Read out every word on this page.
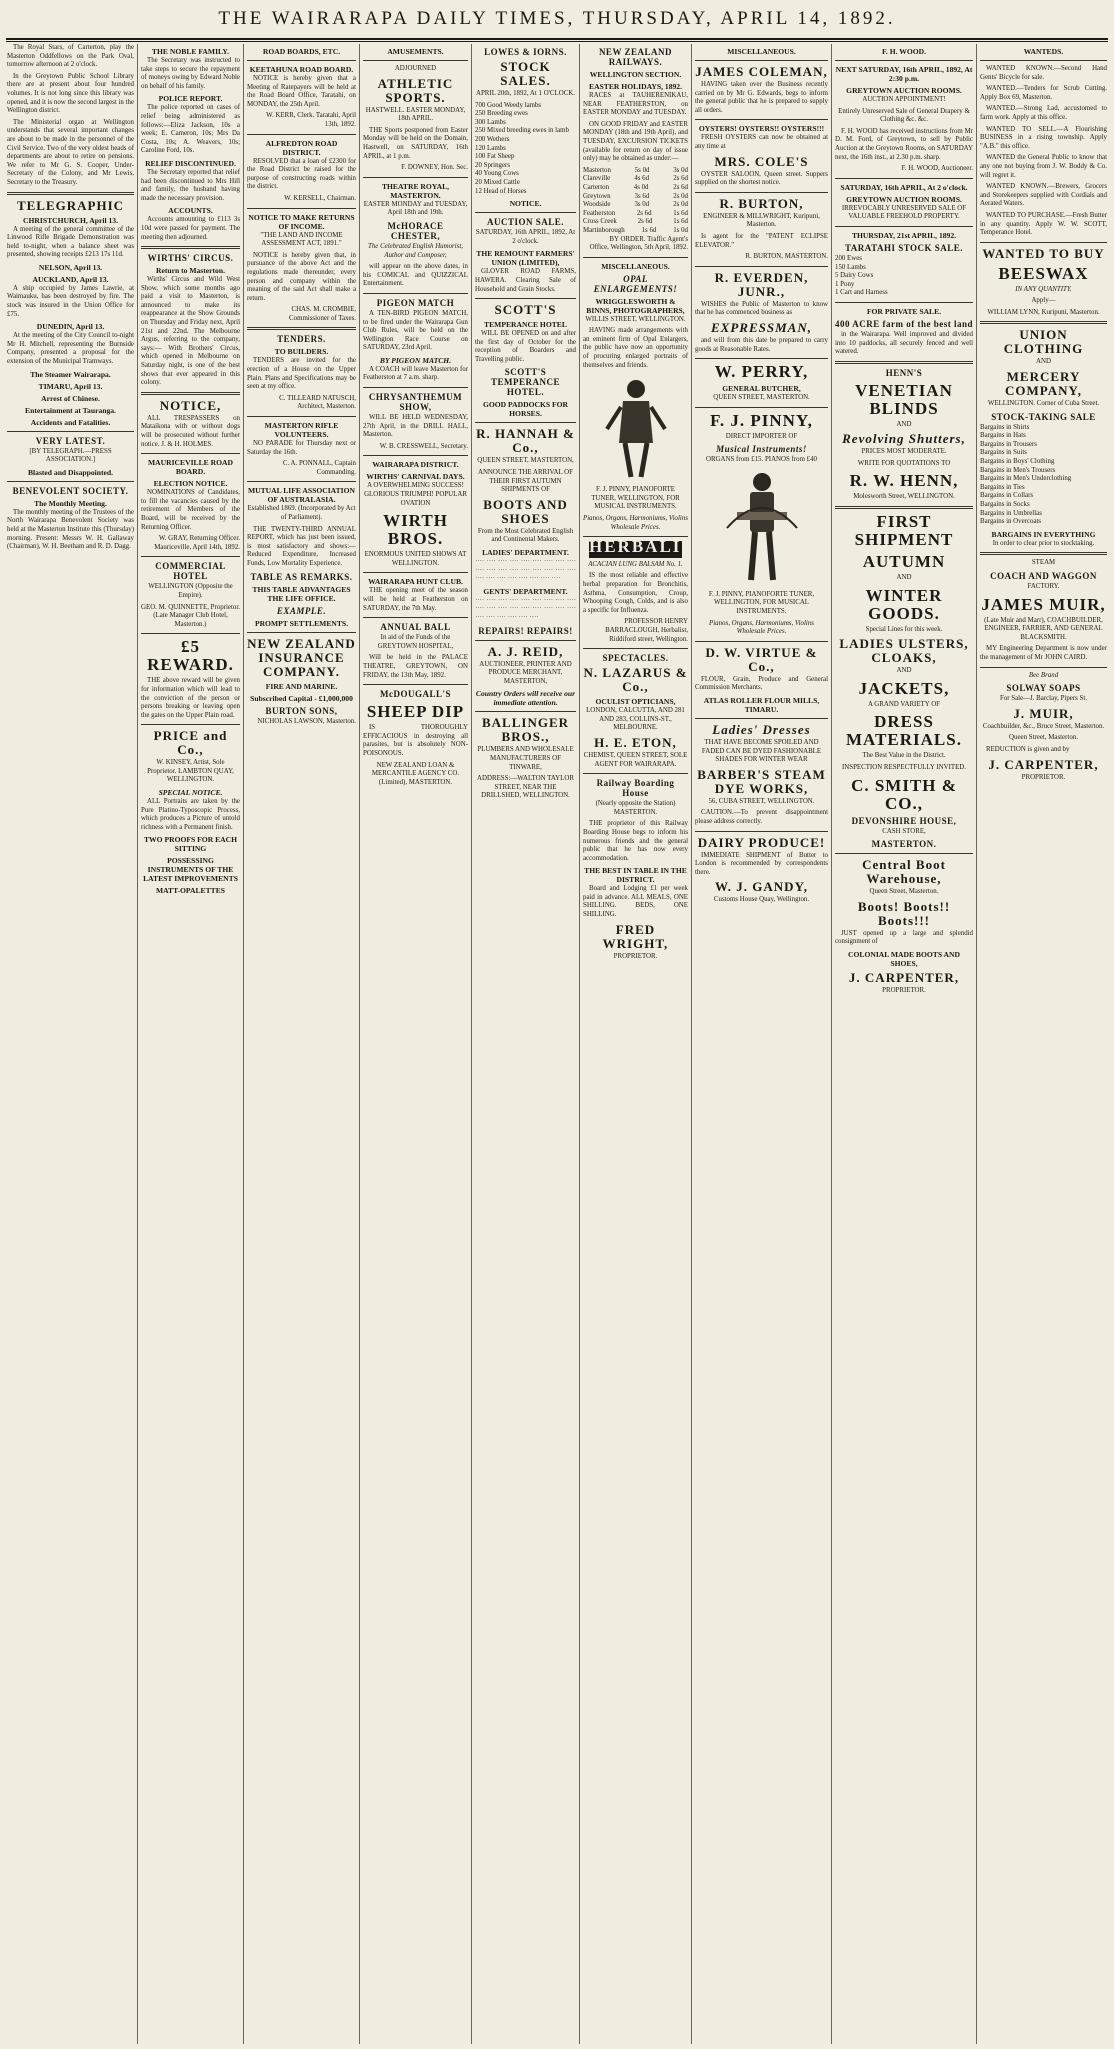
THE WAIRARAPA DAILY TIMES, THURSDAY, APRIL 14, 1892.

The Royal Stars, of Carterton, play the Masterton Oddfellows on the Park Oval, tomorrow afternoon at 2 o'clock.

In the Greytown Public School Library there are at present about four hundred volumes. It is not long since this library was opened, and it is now the second largest in the Wellington district.

The Ministerial organ at Wellington understands that several important changes are about to be made in the personnel of the Civil Service. Two of the very oldest heads of departments are about to retire on pensions. We refer to Mr G. S. Cooper, Under-Secretary of the Colony, and Mr Lewis, Secretary to the Treasury.

TELEGRAPHIC
CHRISTCHURCH, April 13.

A meeting of the general committee of the Linwood Rifle Brigade Demonstration was held to-night, when a balance sheet was presented, showing receipts £213 17s 11d.

NELSON, April 13.
AUCKLAND, April 13.

A ship occupied by James Lawrie, at Waimauku, has been destroyed by fire. The stock was insured in the Union Office for £75.

DUNEDIN, April 13.

At the meeting of the City Council to-night Mr H. Mitchell, representing the Burnside Company, presented a proposal for the extension of the Municipal Tramways.

The Steamer Wairarapa.
TIMARU, April 13.
Arrest of Chinese.
Entertainment at Tauranga.
Accidents and Fatalities.
VERY LATEST.

[BY TELEGRAPH.—PRESS ASSOCIATION.]

Blasted and Disappointed.
BENEVOLENT SOCIETY.
The Monthly Meeting.

The monthly meeting of the Trustees of the North Wairarapa Benevolent Society was held at the Masterton Institute this (Thursday) morning. Present: Messrs W. H. Gallaway (Chairman), W. H. Beetham and R. D. Dagg.

THE NOBLE FAMILY.

The Secretary was instructed to take steps to secure the repayment of moneys owing by Edward Noble on behalf of his family.

POLICE REPORT.

The police reported on cases of relief being administered as follows:—Eliza Jackson, 10s a week; E. Cameron, 10s; Mrs Da Costa, 10s; A. Weavers, 10s; Caroline Ford, 10s.

RELIEF DISCONTINUED.

The Secretary reported that relief had been discontinued to Mrs Hill and family, the husband having made the necessary provision.

ACCOUNTS.

Accounts amounting to £113 3s 10d were passed for payment. The meeting then adjourned.

WIRTHS' CIRCUS.
Return to Masterton.

Wirths' Circus and Wild West Show, which some months ago paid a visit to Masterton, is announced to make its reappearance at the Show Grounds on Thursday and Friday next, April 21st and 22nd. The Melbourne Argus, referring to the company, says:— With Brothers' Circus, which opened in Melbourne on Saturday night, is one of the best shows that ever appeared in this colony.

NOTICE,

ALL TRESPASSERS on Mataikona with or without dogs will be prosecuted without further notice. J. & H. HOLMES.

MAURICEVILLE ROAD BOARD.
ELECTION NOTICE.

NOMINATIONS of Candidates, to fill the vacancies caused by the retirement of Members of the Board, will be received by the Returning Officer.

W. GRAY, Returning Officer. Mauriceville, April 14th, 1892.

COMMERCIAL HOTEL

WELLINGTON (Opposite the Empire).

GEO. M. QUINNETTE, Proprietor. (Late Manager Club Hotel, Masterton.)

£5 REWARD.

THE above reward will be given for information which will lead to the conviction of the person or persons breaking or leaving open the gates on the Upper Plain road.

PRICE and Co.,

W. KINSEY, Artist, Sole Proprietor. LAMBTON QUAY, WELLINGTON.

SPECIAL NOTICE.

ALL Portraits are taken by the Pure Platino-Typoscopic Process, which produces a Picture of untold richness with a Permanent finish.

TWO PROOFS FOR EACH SITTING
POSSESSING INSTRUMENTS OF THE LATEST IMPROVEMENTS
MATT-OPALETTES
ROAD BOARDS, ETC.
KEETAHUNA ROAD BOARD.

NOTICE is hereby given that a Meeting of Ratepayers will be held at the Road Board Office, Taratahi, on MONDAY, the 25th April.

W. KERR, Clerk. Taratahi, April 13th, 1892.

ALFREDTON ROAD DISTRICT.

RESOLVED that a loan of £2300 for the Road District be raised for the purpose of constructing roads within the district.

W. KERSELL, Chairman.

NOTICE TO MAKE RETURNS OF INCOME.

"THE LAND AND INCOME ASSESSMENT ACT, 1891."

NOTICE is hereby given that, in pursuance of the above Act and the regulations made thereunder, every person and company within the meaning of the said Act shall make a return.

CHAS. M. CROMBIE, Commissioner of Taxes.

TENDERS.
TO BUILDERS.

TENDERS are invited for the erection of a House on the Upper Plain. Plans and Specifications may be seen at my office.

C. TILLEARD NATUSCH, Architect, Masterton.

MASTERTON RIFLE VOLUNTEERS.

NO PARADE for Thursday next or Saturday the 16th.

C. A. PONNALL, Captain Commanding.

MUTUAL LIFE ASSOCIATION OF AUSTRALASIA.

Established 1869. (Incorporated by Act of Parliament).

THE TWENTY-THIRD ANNUAL REPORT, which has just been issued, is most satisfactory and shows:— Reduced Expenditure, Increased Funds, Low Mortality Experience.

TABLE AS REMARKS.
THIS TABLE ADVANTAGES THE LIFE OFFICE.
EXAMPLE.
PROMPT SETTLEMENTS.
NEW ZEALAND INSURANCE COMPANY.
FIRE AND MARINE.
Subscribed Capital - £1,000,000
BURTON SONS,

NICHOLAS LAWSON, Masterton.

AMUSEMENTS.

ADJOURNED

ATHLETIC SPORTS.

HASTWELL. EASTER MONDAY, 18th APRIL.

THE Sports postponed from Easter Monday will be held on the Domain, Hastwell, on SATURDAY, 16th APRIL, at 1 p.m.

F. DOWNEY, Hon. Sec.

THEATRE ROYAL, MASTERTON.

EASTER MONDAY and TUESDAY, April 18th and 19th.

McHORACE CHESTER,

The Celebrated English Humorist, Author and Composer,

will appear on the above dates, in his COMICAL and QUIZZICAL Entertainment.

PIGEON MATCH

A TEN-BIRD PIGEON MATCH, to be fired under the Wairarapa Gun Club Rules, will be held on the Wellington Race Course on SATURDAY, 23rd April.

BY PIGEON MATCH.

A COACH will leave Masterton for Featherston at 7 a.m. sharp.

CHRYSANTHEMUM SHOW,

WILL BE HELD WEDNESDAY, 27th April, in the DRILL HALL, Masterton.

W. B. CRESSWELL, Secretary.

WAIRARAPA DISTRICT.
WIRTHS' CARNIVAL DAYS.

A OVERWHELMING SUCCESS! GLORIOUS TRIUMPH! POPULAR OVATION

WIRTH BROS.

ENORMOUS UNITED SHOWS AT WELLINGTON.

WAIRARAPA HUNT CLUB.

THE opening meet of the season will be held at Featherston on SATURDAY, the 7th May.

ANNUAL BALL

In aid of the Funds of the GREYTOWN HOSPITAL,

Will be held in the PALACE THEATRE, GREYTOWN, ON FRIDAY, the 13th May, 1892.

McDOUGALL'S
SHEEP DIP

IS THOROUGHLY EFFICACIOUS in destroying all parasites, but is absolutely NON-POISONOUS.

NEW ZEALAND LOAN & MERCANTILE AGENCY CO. (Limited), MASTERTON.

LOWES & IORNS.
STOCK SALES.

APRIL 20th, 1892, At 1 O'CLOCK.

700 Good Weedy lambs
250 Breeding ewes
300 Lambs
250 Mixed breeding ewes in lamb
200 Wethers
120 Lambs
100 Fat Sheep
20 Springers
40 Young Cows
20 Mixed Cattle
12 Head of Horses
NOTICE.
AUCTION SALE.

SATURDAY, 16th APRIL, 1892, At 2 o'clock.

THE REMOUNT FARMERS' UNION (LIMITED),

GLOVER ROAD FARMS, HAWERA. Clearing Sale of Household and Grain Stocks.

SCOTT'S
TEMPERANCE HOTEL

WILL BE OPENED on and after the first day of October for the reception of Boarders and Travelling public.

SCOTT'S TEMPERANCE HOTEL.
GOOD PADDOCKS FOR HORSES.
R. HANNAH & Co.,

QUEEN STREET, MASTERTON,

ANNOUNCE THE ARRIVAL OF THEIR FIRST AUTUMN SHIPMENTS OF

BOOTS AND SHOES

From the Most Celebrated English and Continental Makers.

LADIES' DEPARTMENT.

···· ···· ···· ···· ···· ···· ···· ···· ···· ···· ···· ···· ···· ···· ···· ···· ···· ···· ···· ···· ···· ···· ···· ···· ···· ····

GENTS' DEPARTMENT.

···· ···· ···· ···· ···· ···· ···· ···· ···· ···· ···· ···· ···· ···· ···· ···· ···· ···· ···· ···· ···· ···· ···· ····

REPAIRS! REPAIRS!
A. J. REID,

AUCTIONEER, PRINTER AND PRODUCE MERCHANT, MASTERTON,

Country Orders will receive our immediate attention.
BALLINGER BROS.,

PLUMBERS AND WHOLESALE MANUFACTURERS OF TINWARE,

ADDRESS:—WALTON TAYLOR STREET, NEAR THE DRILLSHED, WELLINGTON.

NEW ZEALAND RAILWAYS.
WELLINGTON SECTION.
EASTER HOLIDAYS, 1892.

RACES at TAUHERENIKAU, NEAR FEATHERSTON, on EASTER MONDAY and TUESDAY.

ON GOOD FRIDAY and EASTER MONDAY (18th and 19th April), and TUESDAY, EXCURSION TICKETS (available for return on day of issue only) may be obtained as under:—

Masterton	5s 0d	3s 0d
Clareville	4s 6d	2s 6d
Carterton	4s 0d	2s 6d
Greytown	3s 6d	2s 0d
Woodside	3s 0d	2s 0d
Featherston	2s 6d	1s 6d
Cross Creek	2s 6d	1s 6d
Martinborough 1s 6d 1s 0d

BY ORDER. Traffic Agent's Office, Wellington, 5th April, 1892.

MISCELLANEOUS.
OPAL ENLARGEMENTS!
WRIGGLESWORTH & BINNS, PHOTOGRAPHERS,

WILLIS STREET, WELLINGTON.

HAVING made arrangements with an eminent firm of Opal Enlargers, the public have now an opportunity of procuring enlarged portraits of themselves and friends.

F. J. PINNY, PIANOFORTE TUNER, WELLINGTON, FOR MUSICAL INSTRUMENTS.

Pianos, Organs, Harmoniums, Violins Wholesale Prices.

HERBALISM

ACACIAN LUNG BALSAM No. 1.

IS the most reliable and effective herbal preparation for Bronchitis, Asthma, Consumption, Croup, Whooping Cough, Colds, and is also a specific for Influenza.

PROFESSOR HENRY BARRACLOUGH, Herbalist, Riddiford street, Wellington.

SPECTACLES.
N. LAZARUS & Co.,
OCULIST OPTICIANS,

LONDON, CALCUTTA, AND 281 AND 283, COLLINS-ST., MELBOURNE.

H. E. ETON,

CHEMIST, QUEEN STREET, SOLE AGENT FOR WAIRARAPA.

Railway Boarding House

(Nearly opposite the Station) MASTERTON.

THE proprietor of this Railway Boarding House begs to inform his numerous friends and the general public that he has now every accommodation.

THE BEST IN TABLE IN THE DISTRICT.

Board and Lodging £1 per week paid in advance. ALL MEALS, ONE SHILLING. BEDS, ONE SHILLING.

FRED WRIGHT,

PROPRIETOR.

MISCELLANEOUS.
JAMES COLEMAN,

HAVING taken over the Business recently carried on by Mr G. Edwards, begs to inform the general public that he is prepared to supply all orders.

OYSTERS! OYSTERS!! OYSTERS!!!

FRESH OYSTERS can now be obtained at any time at

MRS. COLE'S

OYSTER SALOON, Queen street. Suppers supplied on the shortest notice.

R. BURTON,

ENGINEER & MILLWRIGHT, Kuripuni, Masterton.

Is agent for the "PATENT ECLIPSE ELEVATOR."

R. BURTON, MASTERTON.

R. EVERDEN, JUNR.,

WISHES the Public of Masterton to know that he has commenced business as

EXPRESSMAN,

and will from this date be prepared to carry goods at Reasonable Rates.

W. PERRY,
GENERAL BUTCHER,

QUEEN STREET, MASTERTON.

F. J. PINNY,

DIRECT IMPORTER OF

Musical Instruments!

ORGANS from £15. PIANOS from £40

F. J. PINNY, PIANOFORTE TUNER, WELLINGTON, FOR MUSICAL INSTRUMENTS.

Pianos, Organs, Harmoniums, Violins Wholesale Prices.

D. W. VIRTUE & Co.,

FLOUR, Grain, Produce and General Commission Merchants.

ATLAS ROLLER FLOUR MILLS, TIMARU.
Ladies' Dresses

THAT HAVE BECOME SPOILED AND FADED CAN BE DYED FASHIONABLE SHADES FOR WINTER WEAR

BARBER'S STEAM DYE WORKS,

56, CUBA STREET, WELLINGTON.

CAUTION.—To prevent disappointment please address correctly.

DAIRY PRODUCE!

IMMEDIATE SHIPMENT of Butter to London is recommended by correspondents there.

W. J. GANDY,

Customs House Quay, Wellington.

F. H. WOOD.
NEXT SATURDAY, 16th APRIL, 1892, At 2:30 p.m.
GREYTOWN AUCTION ROOMS.

AUCTION APPOINTMENT!

Entirely Unreserved Sale of General Drapery & Clothing &c. &c.

F. H. WOOD has received instructions from Mr D. M. Ford, of Greytown, to sell by Public Auction at the Greytown Rooms, on SATURDAY next, the 16th inst., at 2.30 p.m. sharp.

F. H. WOOD, Auctioneer.

SATURDAY, 16th APRIL, At 2 o'clock.
GREYTOWN AUCTION ROOMS.

IRREVOCABLY UNRESERVED SALE OF VALUABLE FREEHOLD PROPERTY.

THURSDAY, 21st APRIL, 1892.
TARATAHI STOCK SALE.
200 Ewes
150 Lambs
5 Dairy Cows
1 Pony
1 Cart and Harness
FOR PRIVATE SALE.
400 ACRE farm of the best land

in the Wairarapa. Well improved and divided into 10 paddocks, all securely fenced and well watered.

HENN'S
VENETIAN BLINDS

AND

Revolving Shutters,

PRICES MOST MODERATE.

WRITE FOR QUOTATIONS TO

R. W. HENN,

Molesworth Street, WELLINGTON.

FIRST SHIPMENT
AUTUMN

AND

WINTER GOODS.

Special Lines for this week.

LADIES ULSTERS, CLOAKS,

AND

JACKETS,

A GRAND VARIETY OF

DRESS MATERIALS.

The Best Value in the District.

INSPECTION RESPECTFULLY INVITED.

C. SMITH & CO.,
DEVONSHIRE HOUSE,

CASH STORE,

MASTERTON.
Central Boot Warehouse,

Queen Street, Masterton.

Boots! Boots!! Boots!!!

JUST opened up a large and splendid consignment of

COLONIAL MADE BOOTS AND SHOES,
J. CARPENTER,

PROPRIETOR.

WANTEDS.

WANTED KNOWN.—Second Hand Gents' Bicycle for sale.

WANTED.—Tenders for Scrub Cutting. Apply Box 69, Masterton.

WANTED.—Strong Lad, accustomed to farm work. Apply at this office.

WANTED TO SELL.—A Flourishing BUSINESS in a rising township. Apply "A.B." this office.

WANTED the General Public to know that any one not buying from J. W. Boddy & Co. will regret it.

WANTED KNOWN.—Brewers, Grocers and Storekeepers supplied with Cordials and Aerated Waters.

WANTED TO PURCHASE.—Fresh Butter in any quantity. Apply W. W. SCOTT, Temperance Hotel.

WANTED TO BUY
BEESWAX

IN ANY QUANTITY.

Apply—

WILLIAM LYNN, Kuripuni, Masterton.

UNION CLOTHING

AND

MERCERY COMPANY,

WELLINGTON. Corner of Cuba Street.

STOCK-TAKING SALE
Bargains in Shirts
Bargains in Hats
Bargains in Trousers
Bargains in Suits
Bargains in Boys' Clothing
Bargains in Men's Trousers
Bargains in Men's Underclothing
Bargains in Ties
Bargains in Collars
Bargains in Socks
Bargains in Umbrellas
Bargains in Overcoats
BARGAINS IN EVERYTHING

In order to clear prior to stocktaking.

STEAM

COACH AND WAGGON

FACTORY.

JAMES MUIR,

(Late Muir and Marr), COACHBUILDER, ENGINEER, FARRIER, AND GENERAL BLACKSMITH.

MY Engineering Department is now under the management of Mr JOHN CAIRD.

Bee Brand

SOLWAY SOAPS

For Sale—J. Barclay, Pipers St.

J. MUIR,

Coachbuilder, &c., Bruce Street, Masterton.

Queen Street, Masterton.

REDUCTION is given and by

J. CARPENTER,

PROPRIETOR.
